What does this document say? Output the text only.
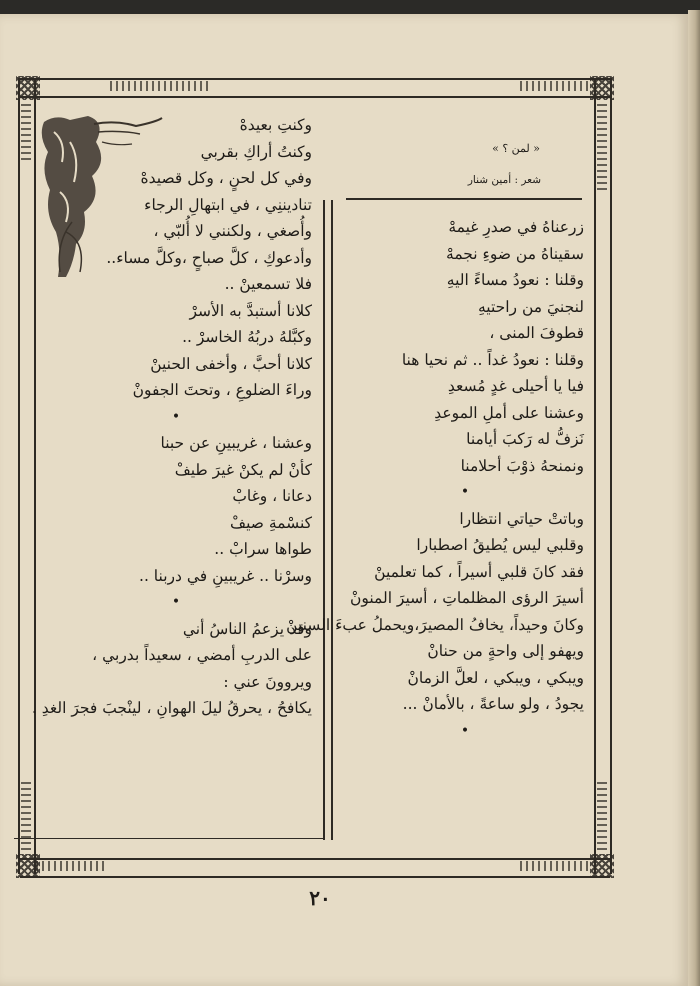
« لمن ؟ »
شعر : أمين شنار
زرعناهُ في صدرِ غيمهْ
سقيناهُ من ضوءِ نجمهْ
وقلنا : نعودُ مساءً اليهِ
لنجنيَ من راحتيهِ
قطوفَ المنى ،
وقلنا : نعودُ غداً .. ثم نحيا هنا
فيا يا أحيلى غدٍ مُسعدِ
وعشنا على أملِ الموعدِ
نَزفُّ له رَكبَ أيامنا
ونمنحهُ ذوْبَ أحلامنا
•
وباتتْ حياتي انتظارا
وقلبي ليس يُطيقُ اصطبارا
فقد كانَ قلبي أسيراً ، كما تعلمينْ
أسيرَ الرؤى المظلماتِ ، أسيرَ المنونْ
وكانَ وحيداً، يخافُ المصيرَ،ويحملُ عبءَ السنينْ
ويهفو إلى واحةٍ من حنانْ
ويبكي ، ويبكي ، لعلَّ الزمانْ
يجودُ ، ولو ساعةً ، بالأمانْ ...
•
وكنتِ بعيدهْ
وكنتُ أراكِ بقربي
وفي كل لحنٍ ، وكل قصيدهْ
تناديننِي ، في ابتهالِ الرجاء
وأُصغي ، ولكنني لا أُلبّي ،
وأدعوكِ ، كلَّ صباحٍ ،وكلَّ مساء..
فلا تسمعينْ ..
كلانا أستبدَّ به الأسرْ
وكبَّلهُ دربُهُ الخاسرْ ..
كلانا أحبَّ ، وأخفى الحنينْ
وراءَ الضلوعِ ، وتحتَ الجفونْ
•
وعشنا ، غريبينِ عن حبنا
كأنْ لم يكنْ غيرَ طيفْ
دعانا ، وغابْ
كنسْمةِ صيفْ
طواها سرابْ ..
وسرْنا .. غريبينِ في دربنا ..
•
وقد يزعمُ الناسُ أني
على الدربِ أمضي ، سعيداً بدربي ،
ويروونَ عني :
يكافحُ ، يحرقُ ليلَ الهوانِ ، لينْجبَ فجرَ الغدِ .
٢٠
